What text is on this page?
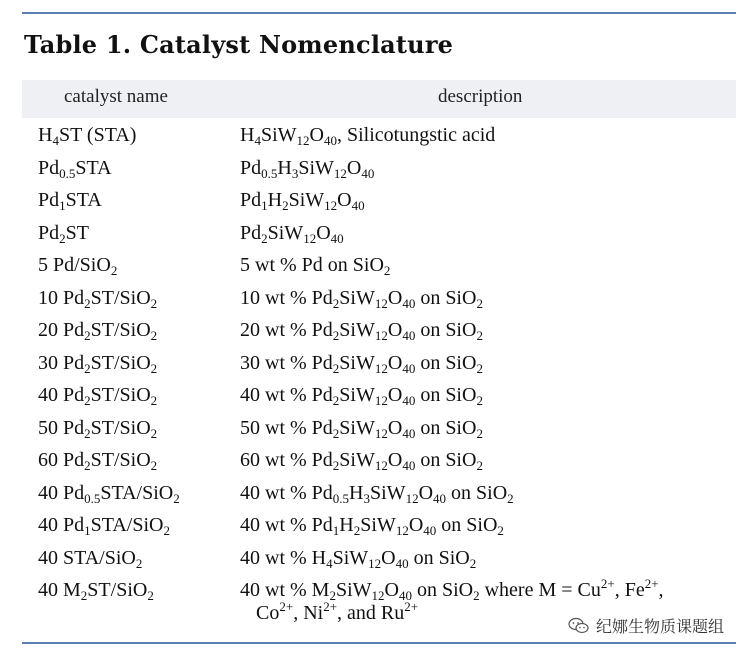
Table 1. Catalyst Nomenclature
catalyst name	description
$H_4ST$ (STA)	$H_4SiW_{12}O_{40}$, Silicotungstic acid
$Pd_{0.5}STA$	$Pd_{0.5}H_3SiW_{12}O_{40}$
$Pd_1STA$	$Pd_1H_2SiW_{12}O_{40}$
$Pd_2ST$	$Pd_2SiW_{12}O_{40}$
5 Pd/SiO$_2$	5 wt % Pd on SiO$_2$
10 $Pd_2ST/SiO_2$	10 wt % $Pd_2SiW_{12}O_{40}$ on SiO$_2$
20 $Pd_2ST/SiO_2$	20 wt % $Pd_2SiW_{12}O_{40}$ on SiO$_2$
30 $Pd_2ST/SiO_2$	30 wt % $Pd_2SiW_{12}O_{40}$ on SiO$_2$
40 $Pd_2ST/SiO_2$	40 wt % $Pd_2SiW_{12}O_{40}$ on SiO$_2$
50 $Pd_2ST/SiO_2$	50 wt % $Pd_2SiW_{12}O_{40}$ on SiO$_2$
60 $Pd_2ST/SiO_2$	60 wt % $Pd_2SiW_{12}O_{40}$ on SiO$_2$
40 $Pd_{0.5}STA/SiO_2$	40 wt % $Pd_{0.5}H_3SiW_{12}O_{40}$ on SiO$_2$
40 $Pd_1STA/SiO_2$	40 wt % $Pd_1H_2SiW_{12}O_{40}$ on SiO$_2$
40 STA/SiO$_2$	40 wt % $H_4SiW_{12}O_{40}$ on SiO$_2$
40 $M_2ST/SiO_2$	40 wt % $M_2SiW_{12}O_{40}$ on SiO$_2$ where $M = Cu^{2+}$, $Fe^{2+}$,
纪娜生物质课题组
$Co^{2+}$, $Ni^{2+}$, and $Ru^{2+}$
